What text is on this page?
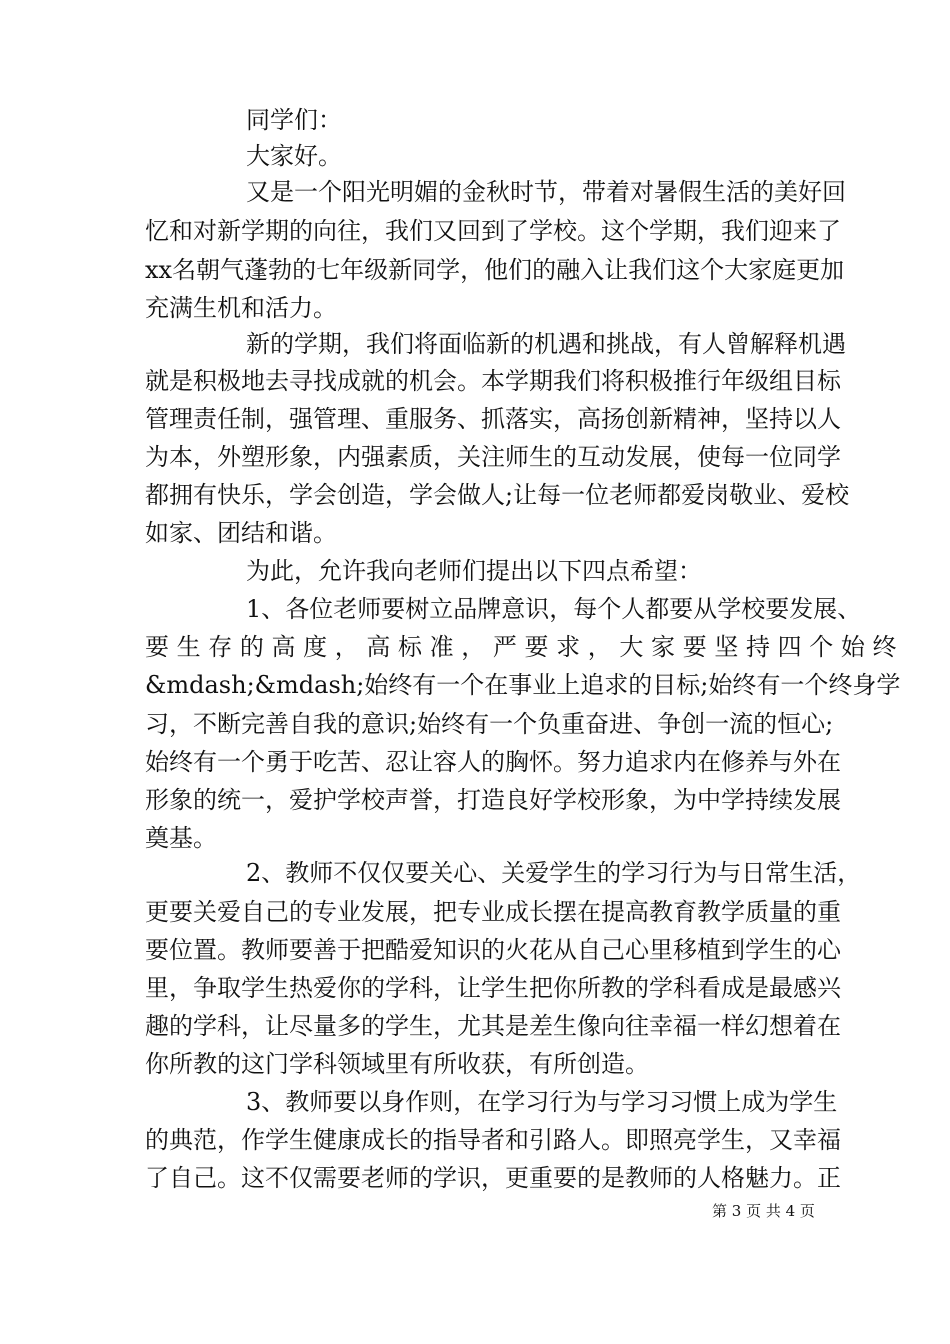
同学们：
大家好。
又是一个阳光明媚的金秋时节，带着对暑假生活的美好回
忆和对新学期的向往，我们又回到了学校。这个学期，我们迎来了
xx名朝气蓬勃的七年级新同学，他们的融入让我们这个大家庭更加
充满生机和活力。
新的学期，我们将面临新的机遇和挑战，有人曾解释机遇
就是积极地去寻找成就的机会。本学期我们将积极推行年级组目标
管理责任制，强管理、重服务、抓落实，高扬创新精神，坚持以人
为本，外塑形象，内强素质，关注师生的互动发展，使每一位同学
都拥有快乐，学会创造，学会做人;让每一位老师都爱岗敬业、爱校
如家、团结和谐。
为此，允许我向老师们提出以下四点希望：
1、各位老师要树立品牌意识，每个人都要从学校要发展、
要 生 存 的 高 度 ， 高 标 准 ， 严 要 求 ， 大 家 要 坚 持 四 个 始 终
&mdash;&mdash;始终有一个在事业上追求的目标;始终有一个终身学
习，不断完善自我的意识;始终有一个负重奋进、争创一流的恒心;
始终有一个勇于吃苦、忍让容人的胸怀。努力追求内在修养与外在
形象的统一，爱护学校声誉，打造良好学校形象，为中学持续发展
奠基。
2、教师不仅仅要关心、关爱学生的学习行为与日常生活，
更要关爱自己的专业发展，把专业成长摆在提高教育教学质量的重
要位置。教师要善于把酷爱知识的火花从自己心里移植到学生的心
里，争取学生热爱你的学科，让学生把你所教的学科看成是最感兴
趣的学科，让尽量多的学生，尤其是差生像向往幸福一样幻想着在
你所教的这门学科领域里有所收获，有所创造。
3、教师要以身作则，在学习行为与学习习惯上成为学生
的典范，作学生健康成长的指导者和引路人。即照亮学生，又幸福
了自己。这不仅需要老师的学识，更重要的是教师的人格魅力。正
第 3 页 共 4 页
